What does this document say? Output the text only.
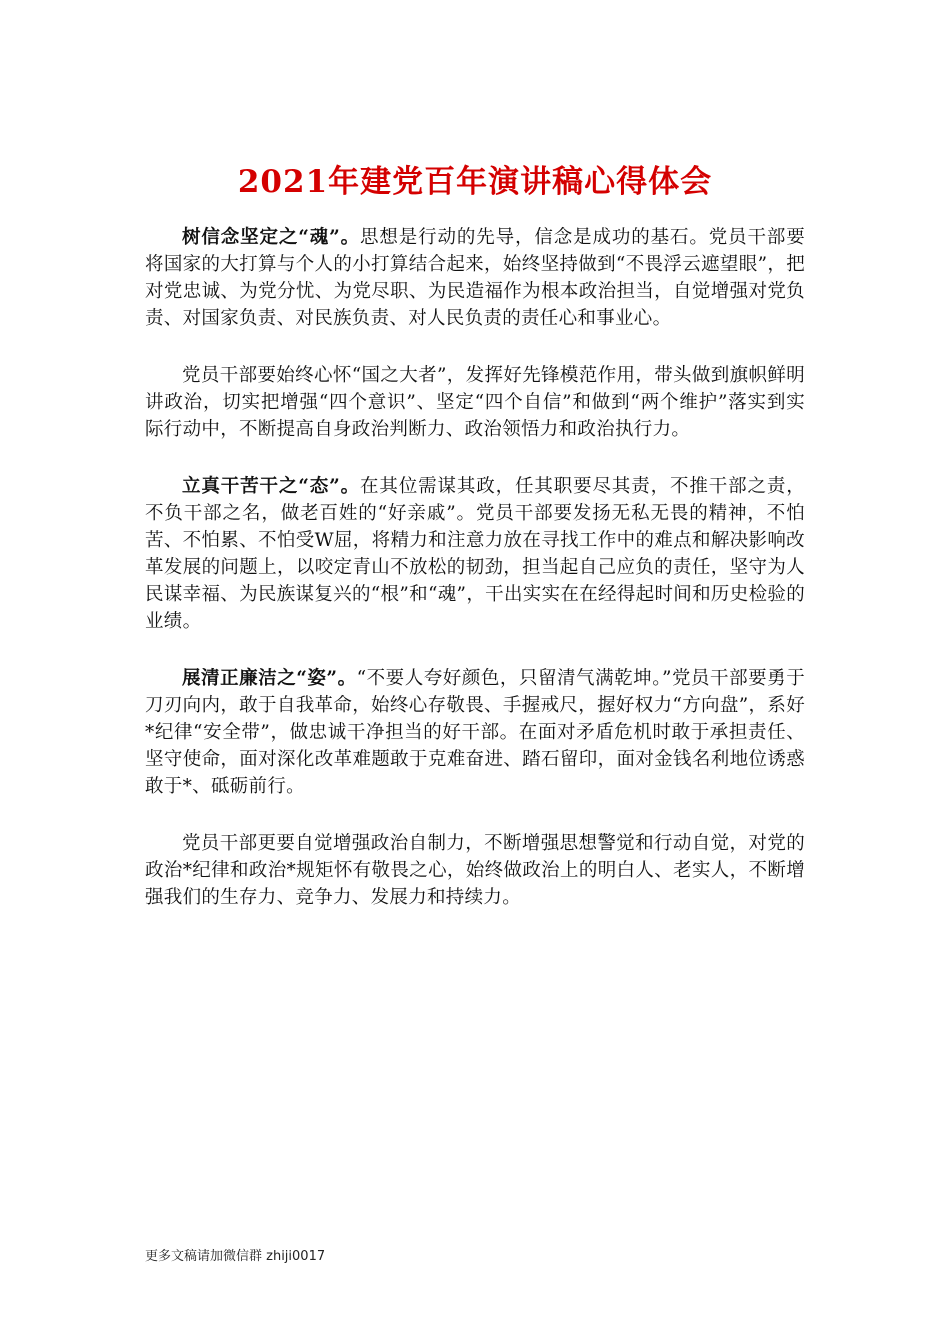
2021年建党百年演讲稿心得体会

树信念坚定之“魂”。思想是行动的先导，信念是成功的基石。党员干部要将国家的大打算与个人的小打算结合起来，始终坚持做到“不畏浮云遮望眼”，把对党忠诚、为党分忧、为党尽职、为民造福作为根本政治担当，自觉增强对党负责、对国家负责、对民族负责、对人民负责的责任心和事业心。

党员干部要始终心怀“国之大者”，发挥好先锋模范作用，带头做到旗帜鲜明讲政治，切实把增强“四个意识”、坚定“四个自信”和做到“两个维护”落实到实际行动中，不断提高自身政治判断力、政治领悟力和政治执行力。

立真干苦干之“态”。在其位需谋其政，任其职要尽其责，不推干部之责，不负干部之名，做老百姓的“好亲戚”。党员干部要发扬无私无畏的精神，不怕苦、不怕累、不怕受W屈，将精力和注意力放在寻找工作中的难点和解决影响改革发展的问题上，以咬定青山不放松的韧劲，担当起自己应负的责任，坚守为人民谋幸福、为民族谋复兴的“根”和“魂”，干出实实在在经得起时间和历史检验的业绩。

展清正廉洁之“姿”。“不要人夸好颜色，只留清气满乾坤。”党员干部要勇于刀刃向内，敢于自我革命，始终心存敬畏、手握戒尺，握好权力“方向盘”，系好*纪律“安全带”，做忠诚干净担当的好干部。在面对矛盾危机时敢于承担责任、坚守使命，面对深化改革难题敢于克难奋进、踏石留印，面对金钱名利地位诱惑敢于*、砥砺前行。

党员干部更要自觉增强政治自制力，不断增强思想警觉和行动自觉，对党的政治*纪律和政治*规矩怀有敬畏之心，始终做政治上的明白人、老实人，不断增强我们的生存力、竞争力、发展力和持续力。

更多文稿请加微信群 zhiji0017
